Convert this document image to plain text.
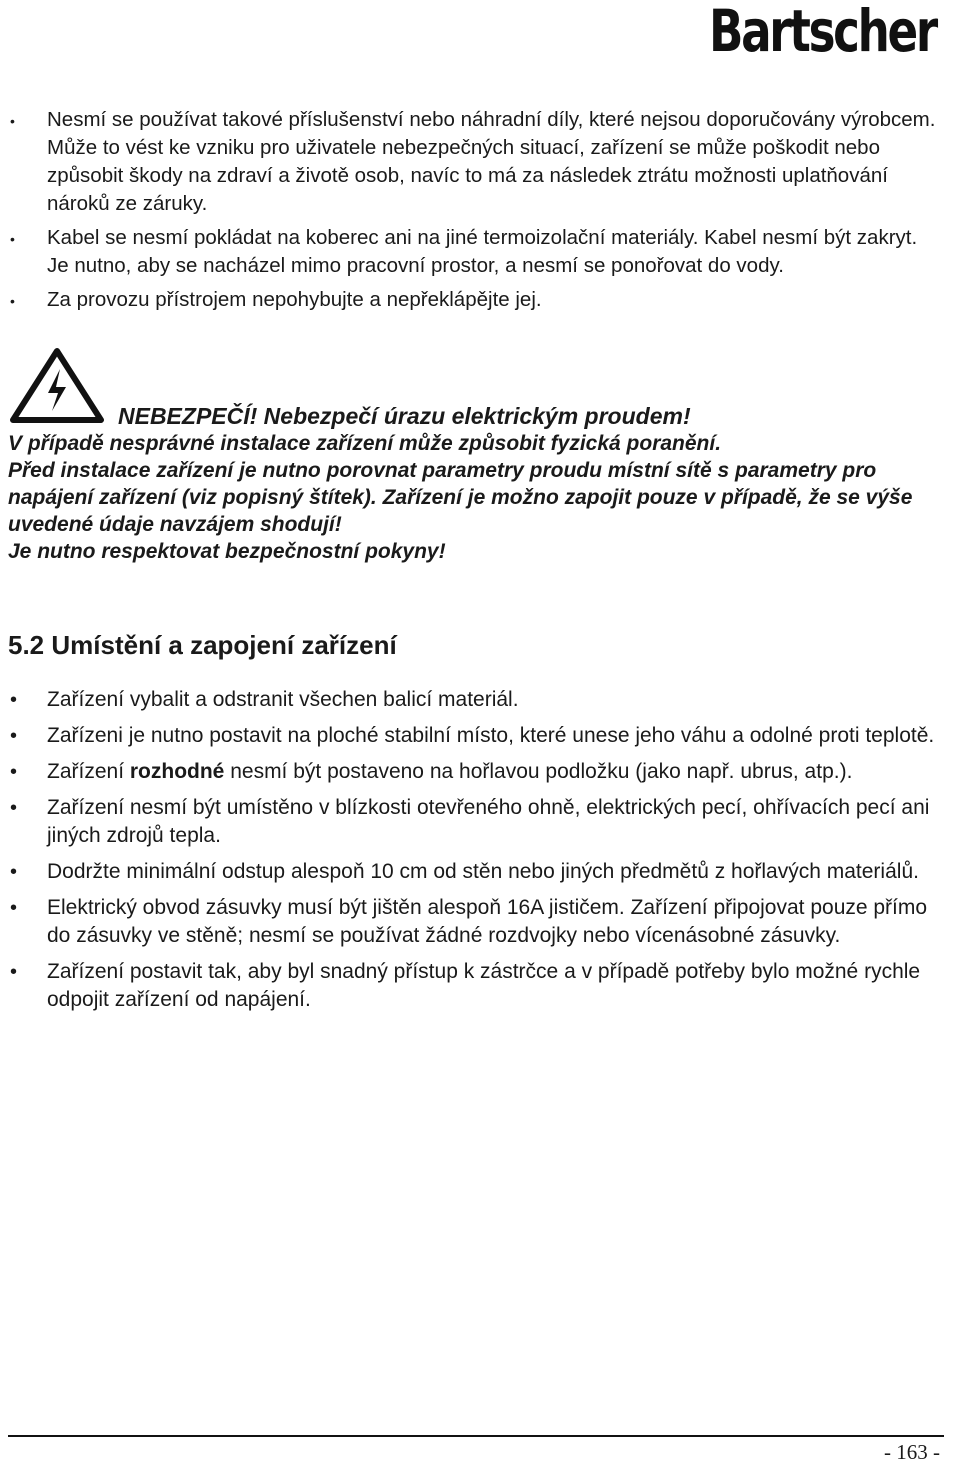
Bartscher
• Nesmí se používat takové příslušenství nebo náhradní díly, které nejsou doporučovány výrobcem. Může to vést ke vzniku pro uživatele nebezpečných situací, zařízení se může poškodit nebo způsobit škody na zdraví a životě osob, navíc to má za následek ztrátu možnosti uplatňování nároků ze záruky.
• Kabel se nesmí pokládat na koberec ani na jiné termoizolační materiály. Kabel nesmí být zakryt. Je nutno, aby se nacházel mimo pracovní prostor, a nesmí se ponořovat do vody.
• Za provozu přístrojem nepohybujte a nepřeklápějte jej.
NEBEZPEČÍ! Nebezpečí úrazu elektrickým proudem!
V případě nesprávné instalace zařízení může způsobit fyzická poranění.
Před instalace zařízení je nutno porovnat parametry proudu místní sítě s parametry pro napájení zařízení (viz popisný štítek). Zařízení je možno zapojit pouze v případě, že se výše uvedené údaje navzájem shodují!
Je nutno respektovat bezpečnostní pokyny!
5.2 Umístění a zapojení zařízení
• Zařízení vybalit a odstranit všechen balicí materiál.
• Zařízeni je nutno postavit na ploché stabilní místo, které unese jeho váhu a odolné proti teplotě.
• Zařízení rozhodné nesmí být postaveno na hořlavou podložku (jako např. ubrus, atp.).
• Zařízení nesmí být umístěno v blízkosti otevřeného ohně, elektrických pecí, ohřívacích pecí ani jiných zdrojů tepla.
• Dodržte minimální odstup alespoň 10 cm od stěn nebo jiných předmětů z hořlavých materiálů.
• Elektrický obvod zásuvky musí být jištěn alespoň 16A jističem. Zařízení připojovat pouze přímo do zásuvky ve stěně; nesmí se používat žádné rozdvojky nebo vícenásobné zásuvky.
• Zařízení postavit tak, aby byl snadný přístup k zástrčce a v případě potřeby bylo možné rychle odpojit zařízení od napájení.
- 163 -
